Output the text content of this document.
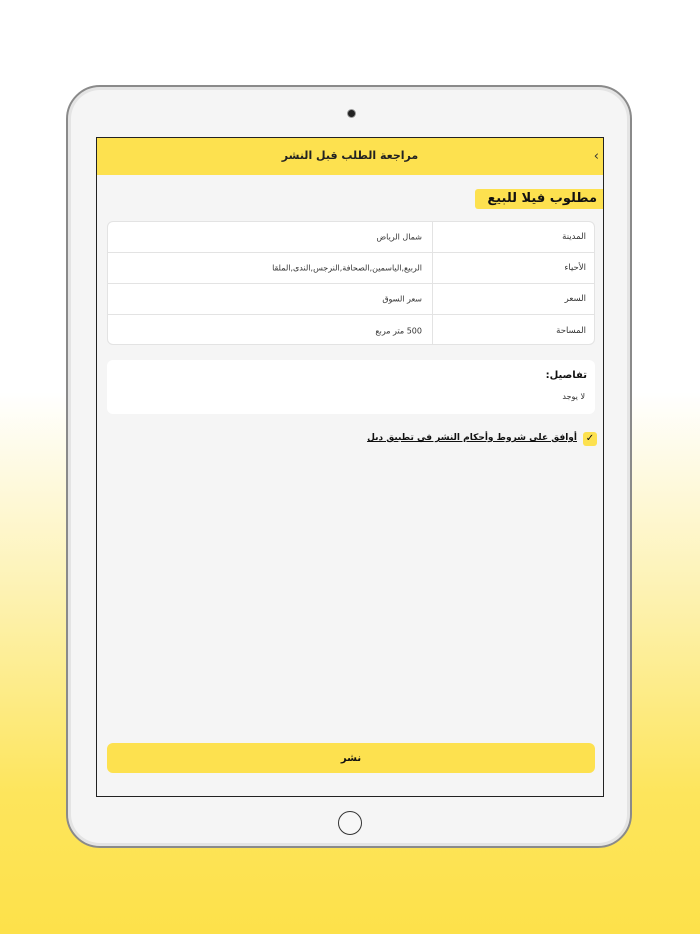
مراجعة الطلب قبل النشر	‹
مطلوب فيلا للبيع
المدينة
شمال الرياض
الأحياء
الربيع,الياسمين,الصحافة,النرجس,الندى,الملقا
السعر
سعر السوق
المساحة
500 متر مربع
تفاصيل:
لا يوجد
✓
أوافق على شروط وأحكام النشر في تطبيق ديل
نشر
